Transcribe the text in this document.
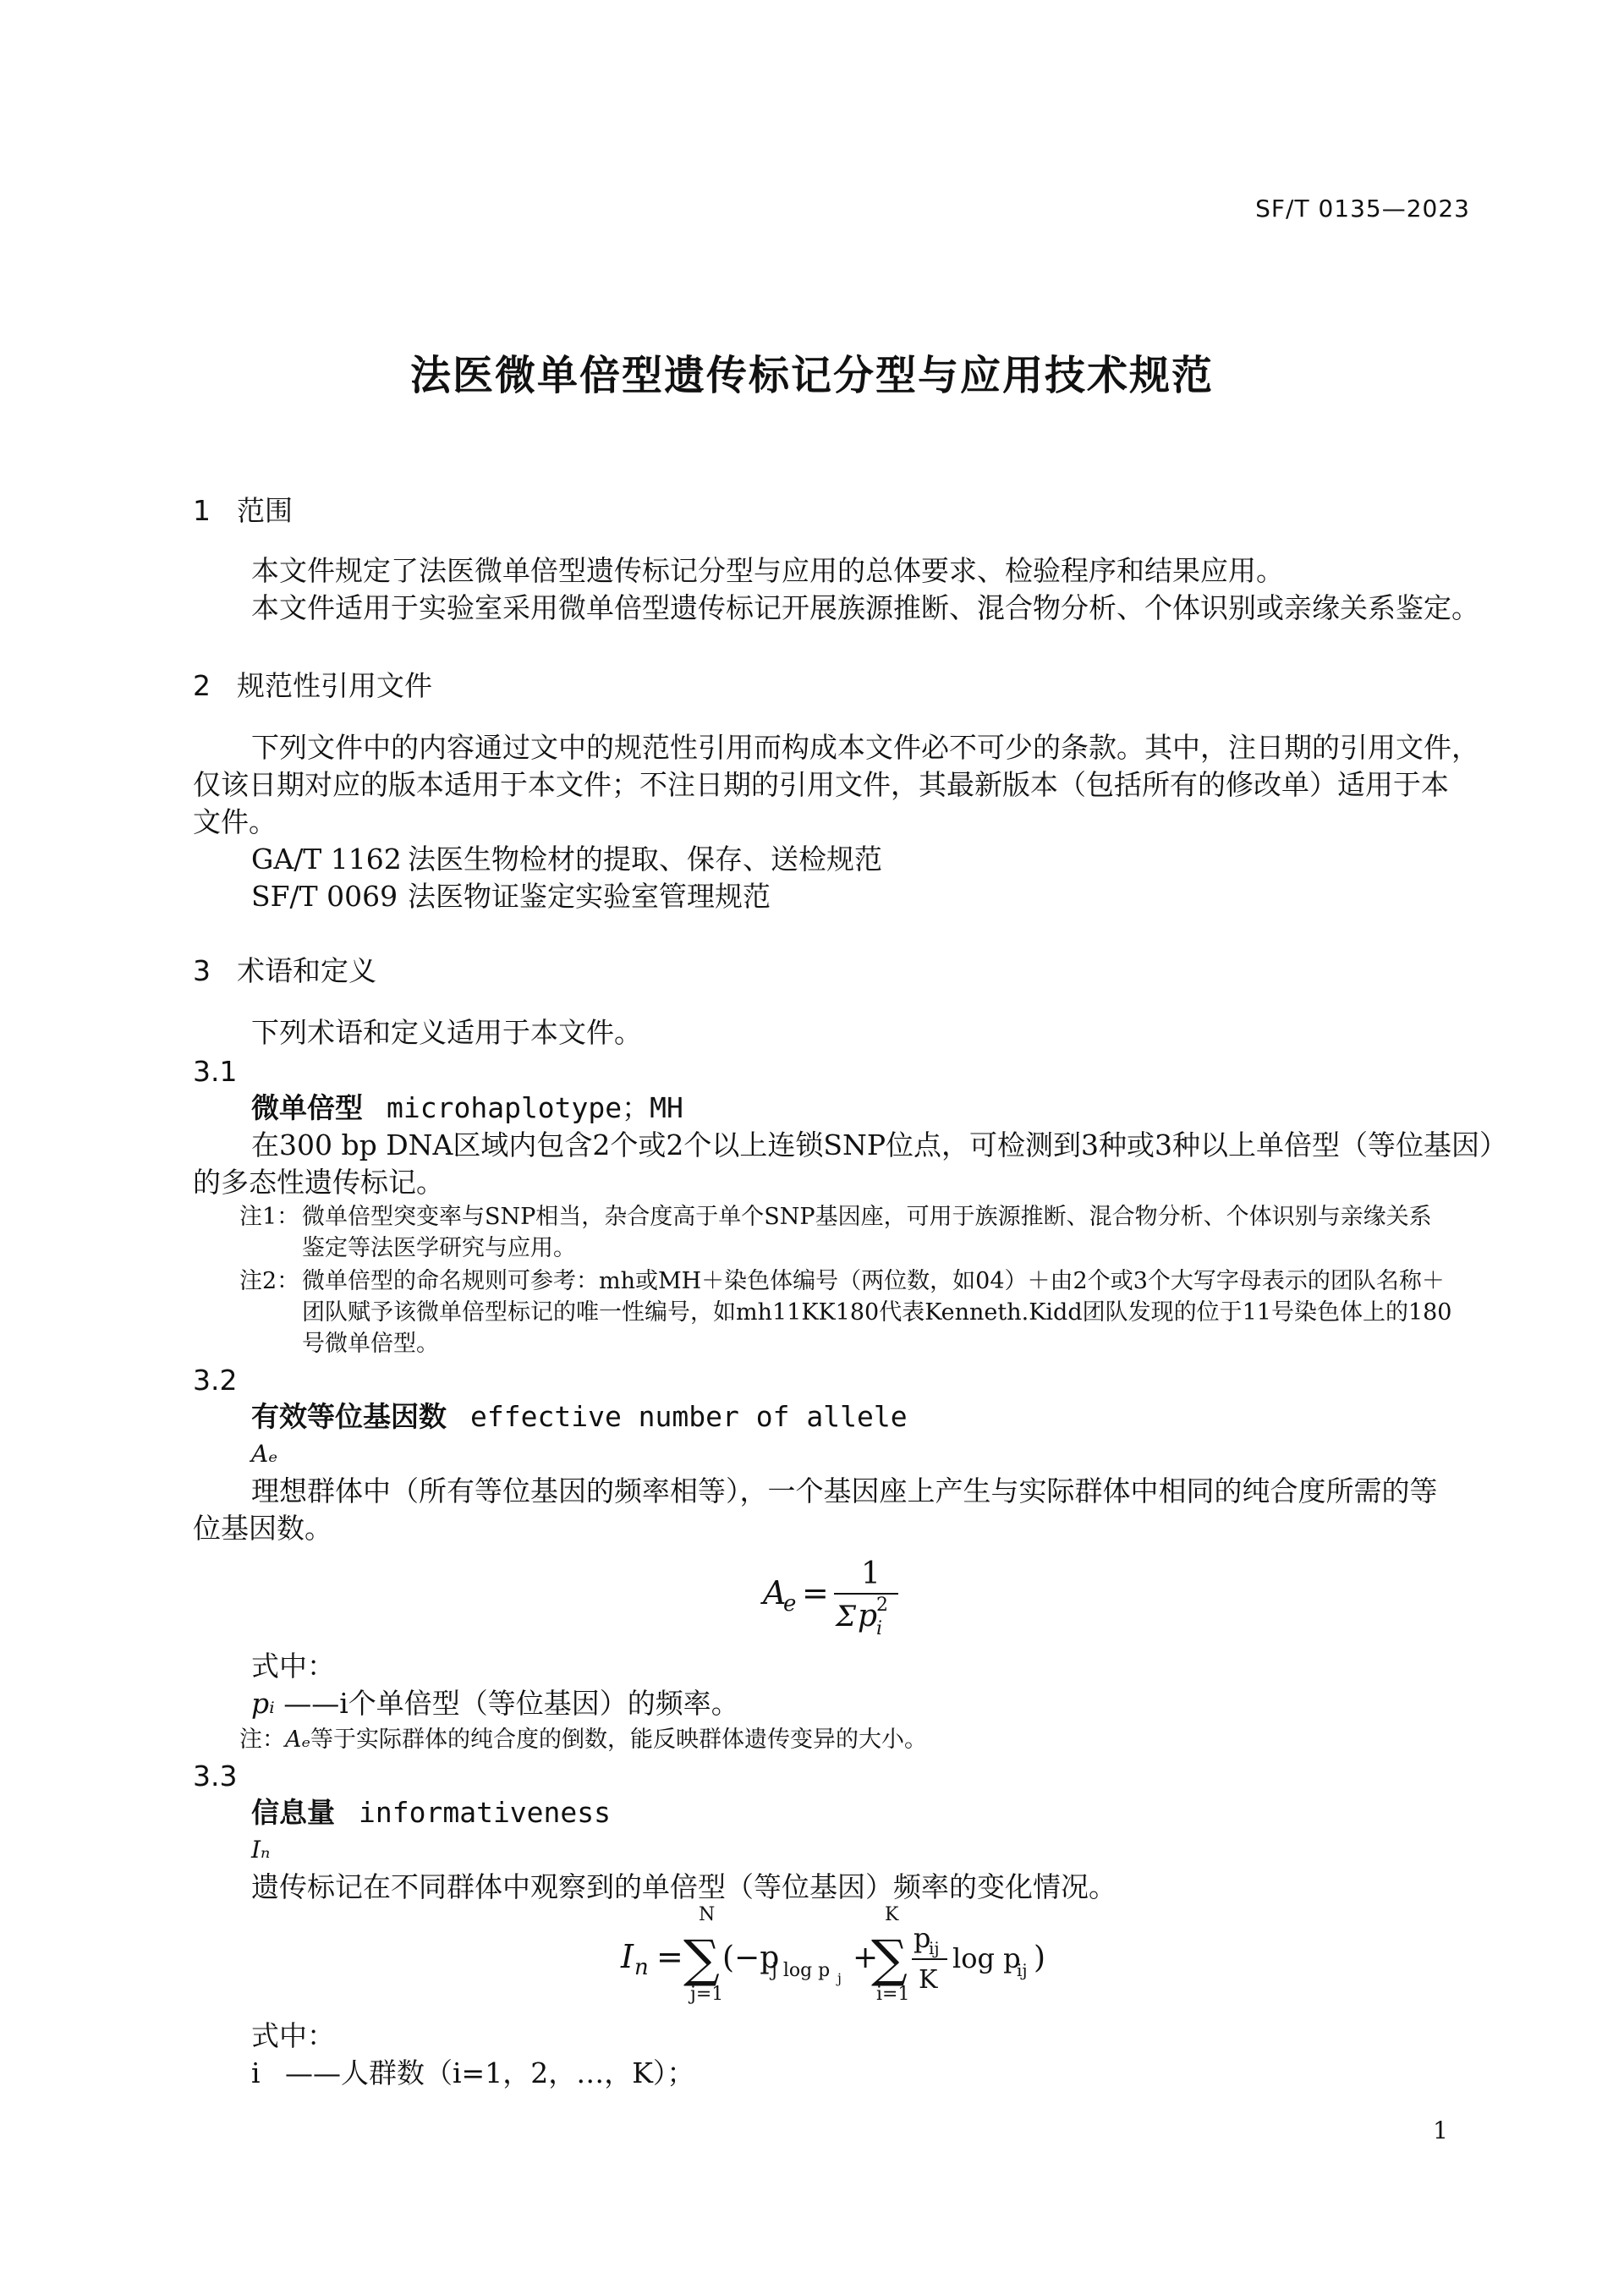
SF/T 0135—2023
法医微单倍型遗传标记分型与应用技术规范
1 范围
本文件规定了法医微单倍型遗传标记分型与应用的总体要求、检验程序和结果应用。
本文件适用于实验室采用微单倍型遗传标记开展族源推断、混合物分析、个体识别或亲缘关系鉴定。
2 规范性引用文件
下列文件中的内容通过文中的规范性引用而构成本文件必不可少的条款。其中，注日期的引用文件，
仅该日期对应的版本适用于本文件；不注日期的引用文件，其最新版本（包括所有的修改单）适用于本
文件。
GA/T 1162 法医生物检材的提取、保存、送检规范
SF/T 0069 法医物证鉴定实验室管理规范
3 术语和定义
下列术语和定义适用于本文件。
3.1
微单倍型 microhaplotype；MH
在300 bp DNA区域内包含2个或2个以上连锁SNP位点，可检测到3种或3种以上单倍型（等位基因）
的多态性遗传标记。
注1： 微单倍型突变率与SNP相当，杂合度高于单个SNP基因座，可用于族源推断、混合物分析、个体识别与亲缘关系
鉴定等法医学研究与应用。
注2： 微单倍型的命名规则可参考：mh或MH＋染色体编号（两位数，如04）＋由2个或3个大写字母表示的团队名称＋
团队赋予该微单倍型标记的唯一性编号，如mh11KK180代表Kenneth.Kidd团队发现的位于11号染色体上的180
号微单倍型。
3.2
有效等位基因数 effective number of allele
Aₑ
理想群体中（所有等位基因的频率相等），一个基因座上产生与实际群体中相同的纯合度所需的等
位基因数。
A
e =
1
Σ p
i
2
式中：
pᵢ ——i个单倍型（等位基因）的频率。
注：Aₑ等于实际群体的纯合度的倒数，能反映群体遗传变异的大小。
3.3
信息量 informativeness
Iₙ
遗传标记在不同群体中观察到的单倍型（等位基因）频率的变化情况。
I n =
N
∑
j=1
(−p
j log p j
+
K
∑
i=1
p
ij
K
log p
ij )
式中：
i ——人群数（i=1，2，…，K）；
1
